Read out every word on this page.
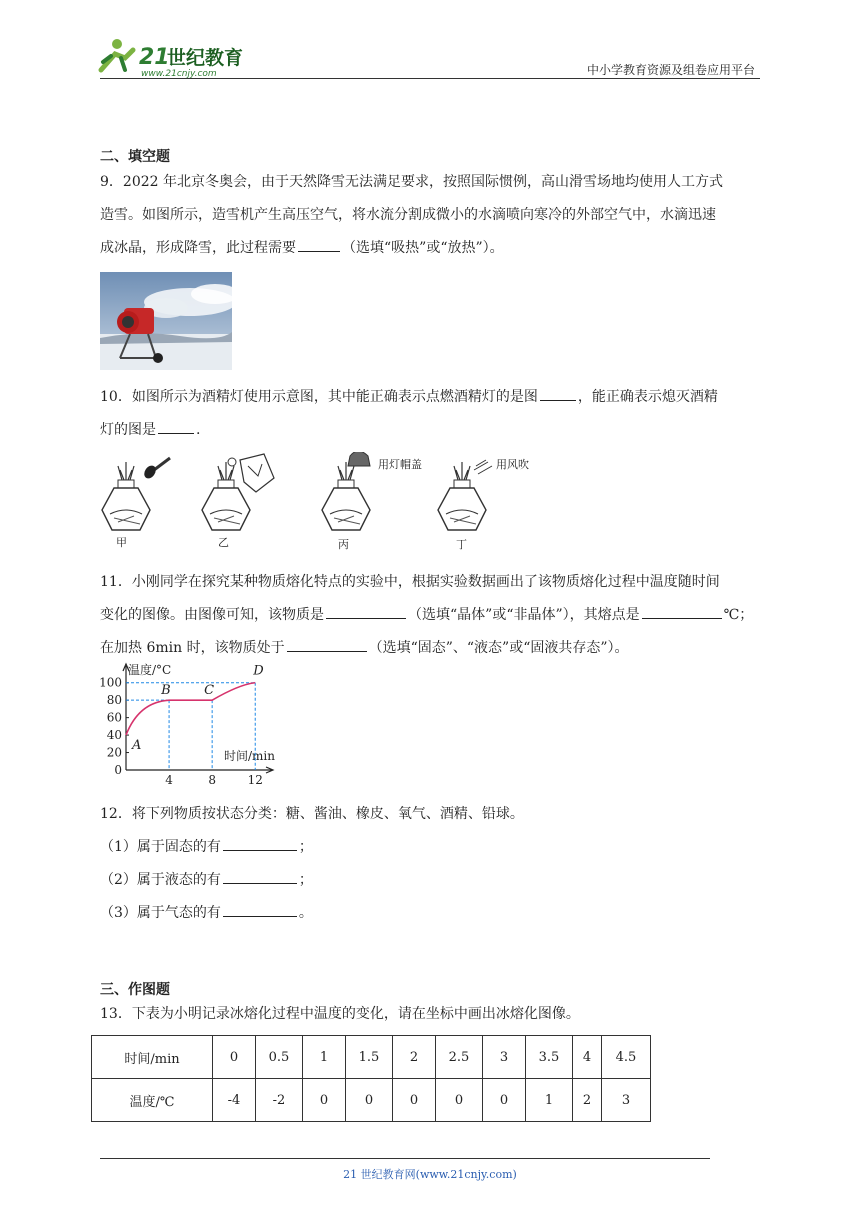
21
世纪教育
www.21cnjy.com	中小学教育资源及组卷应用平台
二、填空题
9．2022 年北京冬奥会，由于天然降雪无法满足要求，按照国际惯例，高山滑雪场地均使用人工方式
造雪。如图所示，造雪机产生高压空气，将水流分割成微小的水滴喷向寒冷的外部空气中，水滴迅速
成冰晶，形成降雪，此过程需要	（选填“吸热”或“放热”）。
10．如图所示为酒精灯使用示意图，其中能正确表示点燃酒精灯的是图	，能正确表示熄灭酒精
灯的图是	.
用灯帽盖	用风吹
甲	乙	丙	丁
11．小刚同学在探究某种物质熔化特点的实验中，根据实验数据画出了该物质熔化过程中温度随时间
变化的图像。由图像可知，该物质是	（选填“晶体”或“非晶体”），其熔点是	℃；
在加热 6min 时，该物质处于	（选填“固态”、“液态”或“固液共存态”）。
温度/°C
时间/min
0
20
40
60
80
100
4	8	12
A
B	C
D
12．将下列物质按状态分类：糖、酱油、橡皮、氧气、酒精、铅球。
（1）属于固态的有	；
（2）属于液态的有	；
（3）属于气态的有	。
三、作图题
13．下表为小明记录冰熔化过程中温度的变化，请在坐标中画出冰熔化图像。
时间/min	0	0.5	1	1.5	2	2.5	3	3.5	4	4.5
温度/℃	-4	-2	0	0	0	0	0	1	2	3
21 世纪教育网(www.21cnjy.com)
